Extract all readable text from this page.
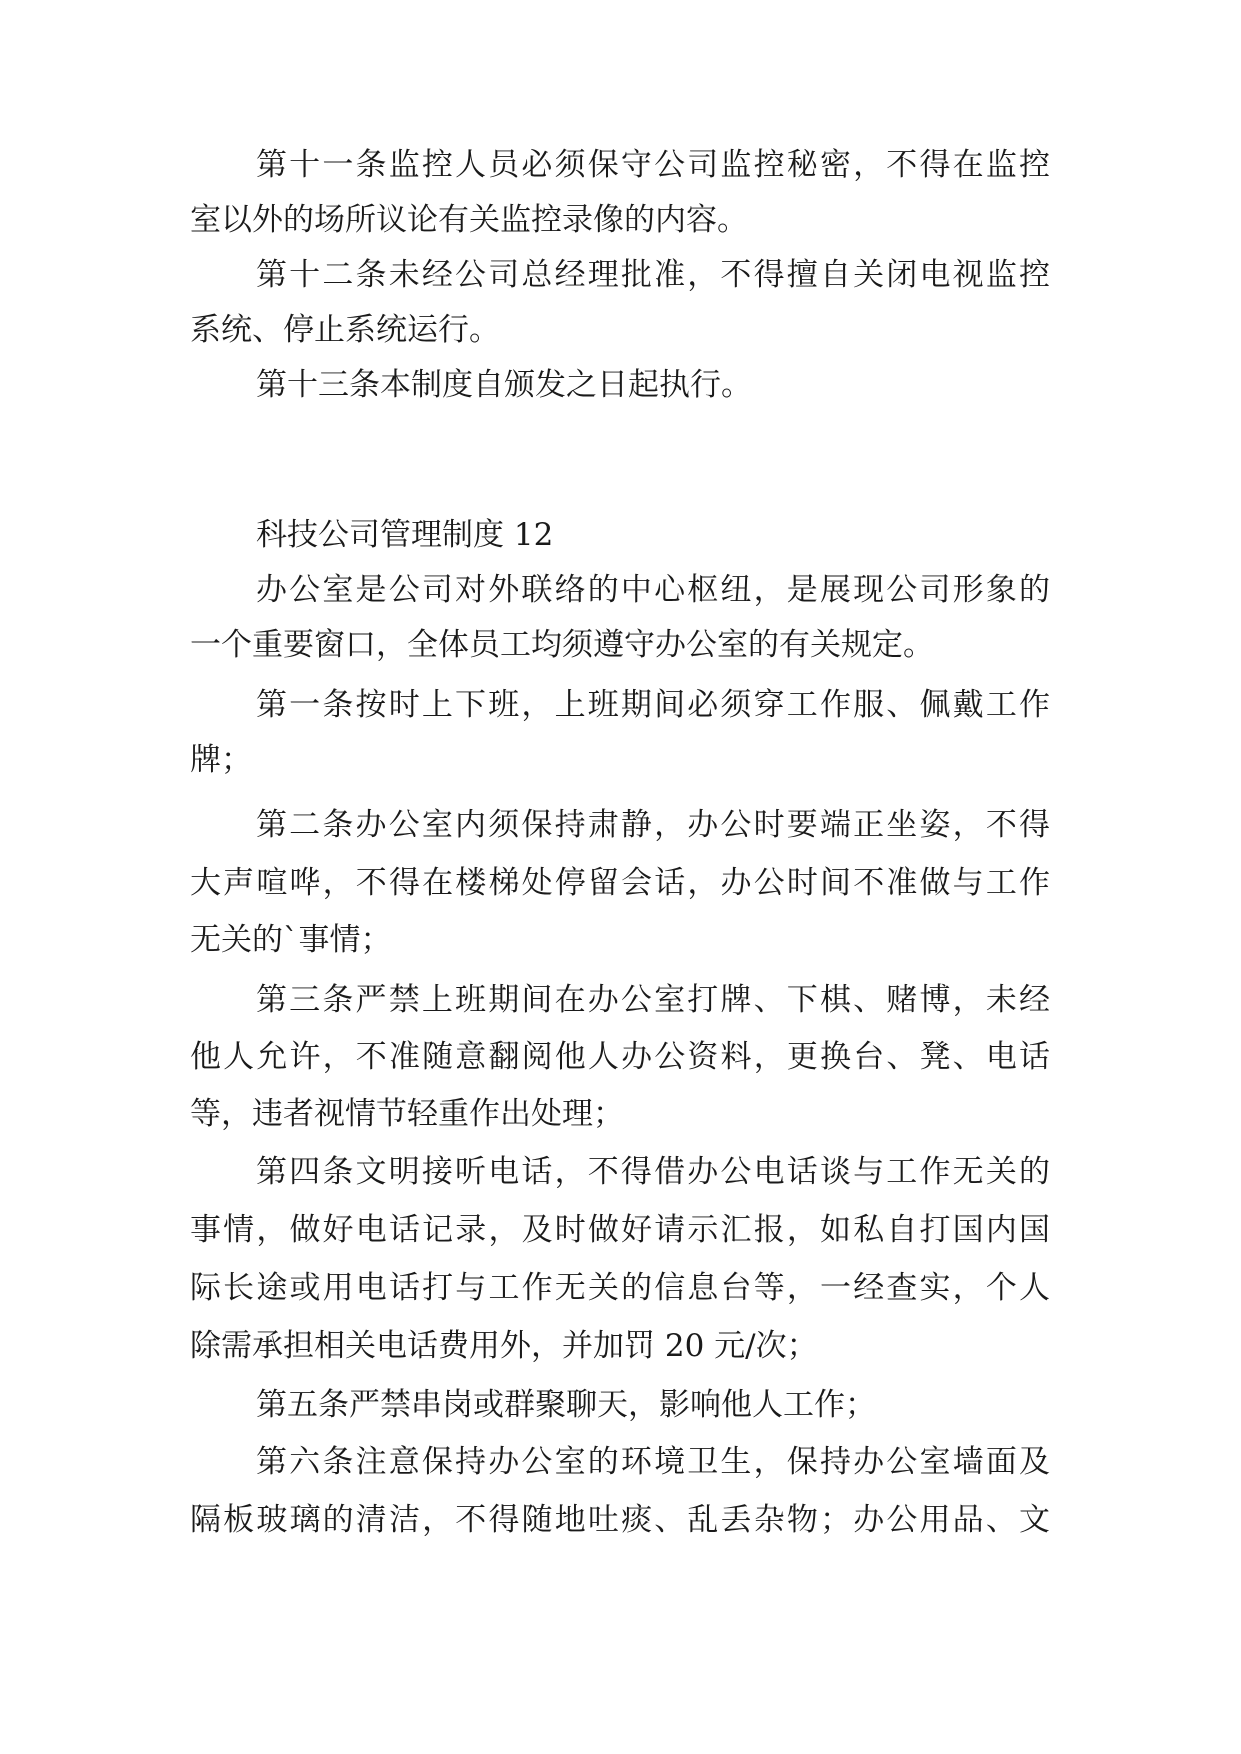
第十一条监控人员必须保守公司监控秘密，不得在监控
室以外的场所议论有关监控录像的内容。
第十二条未经公司总经理批准，不得擅自关闭电视监控
系统、停止系统运行。
第十三条本制度自颁发之日起执行。
科技公司管理制度 12
办公室是公司对外联络的中心枢纽，是展现公司形象的
一个重要窗口，全体员工均须遵守办公室的有关规定。
第一条按时上下班，上班期间必须穿工作服、佩戴工作
牌；
第二条办公室内须保持肃静，办公时要端正坐姿，不得
大声喧哗，不得在楼梯处停留会话，办公时间不准做与工作
无关的`事情；
第三条严禁上班期间在办公室打牌、下棋、赌博，未经
他人允许，不准随意翻阅他人办公资料，更换台、凳、电话
等，违者视情节轻重作出处理；
第四条文明接听电话，不得借办公电话谈与工作无关的
事情，做好电话记录，及时做好请示汇报，如私自打国内国
际长途或用电话打与工作无关的信息台等，一经查实，个人
除需承担相关电话费用外，并加罚 20 元/次；
第五条严禁串岗或群聚聊天，影响他人工作；
第六条注意保持办公室的环境卫生，保持办公室墙面及
隔板玻璃的清洁，不得随地吐痰、乱丢杂物；办公用品、文
